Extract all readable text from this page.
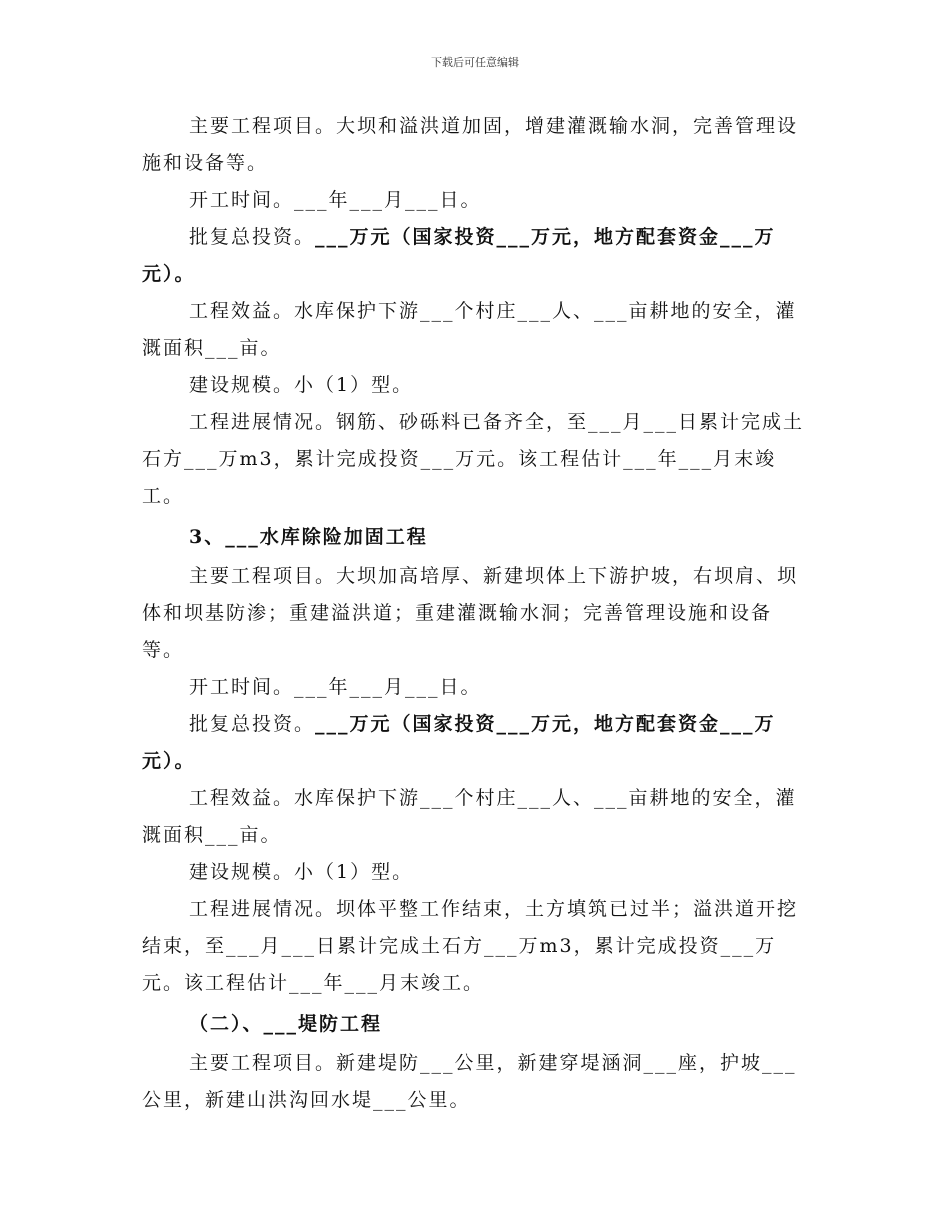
下载后可任意编辑

主要工程项目。大坝和溢洪道加固，增建灌溉输水洞，完善管理设施和设备等。

开工时间。___年___月___日。

批复总投资。___万元（国家投资___万元，地方配套资金___万元）。

工程效益。水库保护下游___个村庄___人、___亩耕地的安全，灌溉面积___亩。

建设规模。小（1）型。

工程进展情况。钢筋、砂砾料已备齐全，至___月___日累计完成土石方___万m3，累计完成投资___万元。该工程估计___年___月末竣工。

3、___水库除险加固工程

主要工程项目。大坝加高培厚、新建坝体上下游护坡，右坝肩、坝体和坝基防渗；重建溢洪道；重建灌溉输水洞；完善管理设施和设备等。

开工时间。___年___月___日。

批复总投资。___万元（国家投资___万元，地方配套资金___万元）。

工程效益。水库保护下游___个村庄___人、___亩耕地的安全，灌溉面积___亩。

建设规模。小（1）型。

工程进展情况。坝体平整工作结束，土方填筑已过半；溢洪道开挖结束，至___月___日累计完成土石方___万m3，累计完成投资___万元。该工程估计___年___月末竣工。

（二）、___堤防工程

主要工程项目。新建堤防___公里，新建穿堤涵洞___座，护坡___公里，新建山洪沟回水堤___公里。
